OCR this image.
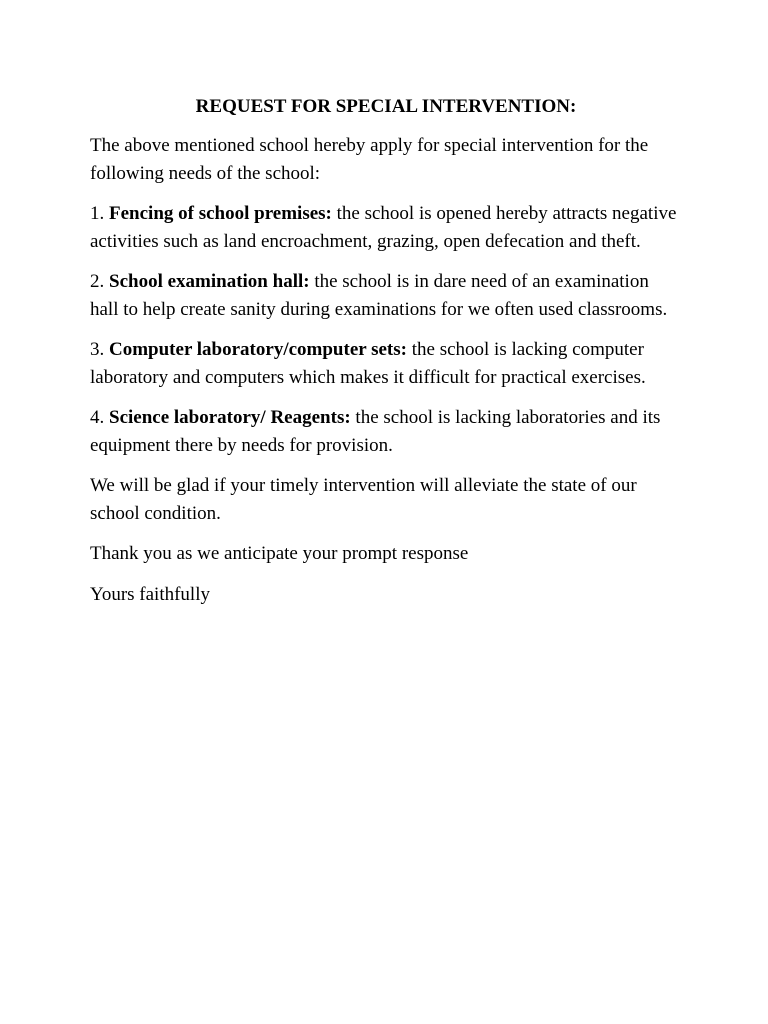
REQUEST FOR SPECIAL INTERVENTION:

The above mentioned school hereby apply for special intervention for the following needs of the school:

1. Fencing of school premises: the school is opened hereby attracts negative activities such as land encroachment, grazing, open defecation and theft.

2. School examination hall: the school is in dare need of an examination hall to help create sanity during examinations for we often used classrooms.

3. Computer laboratory/computer sets: the school is lacking computer laboratory and computers which makes it difficult for practical exercises.

4. Science laboratory/ Reagents: the school is lacking laboratories and its equipment there by needs for provision.

We will be glad if your timely intervention will alleviate the state of our school condition.

Thank you as we anticipate your prompt response

Yours faithfully
